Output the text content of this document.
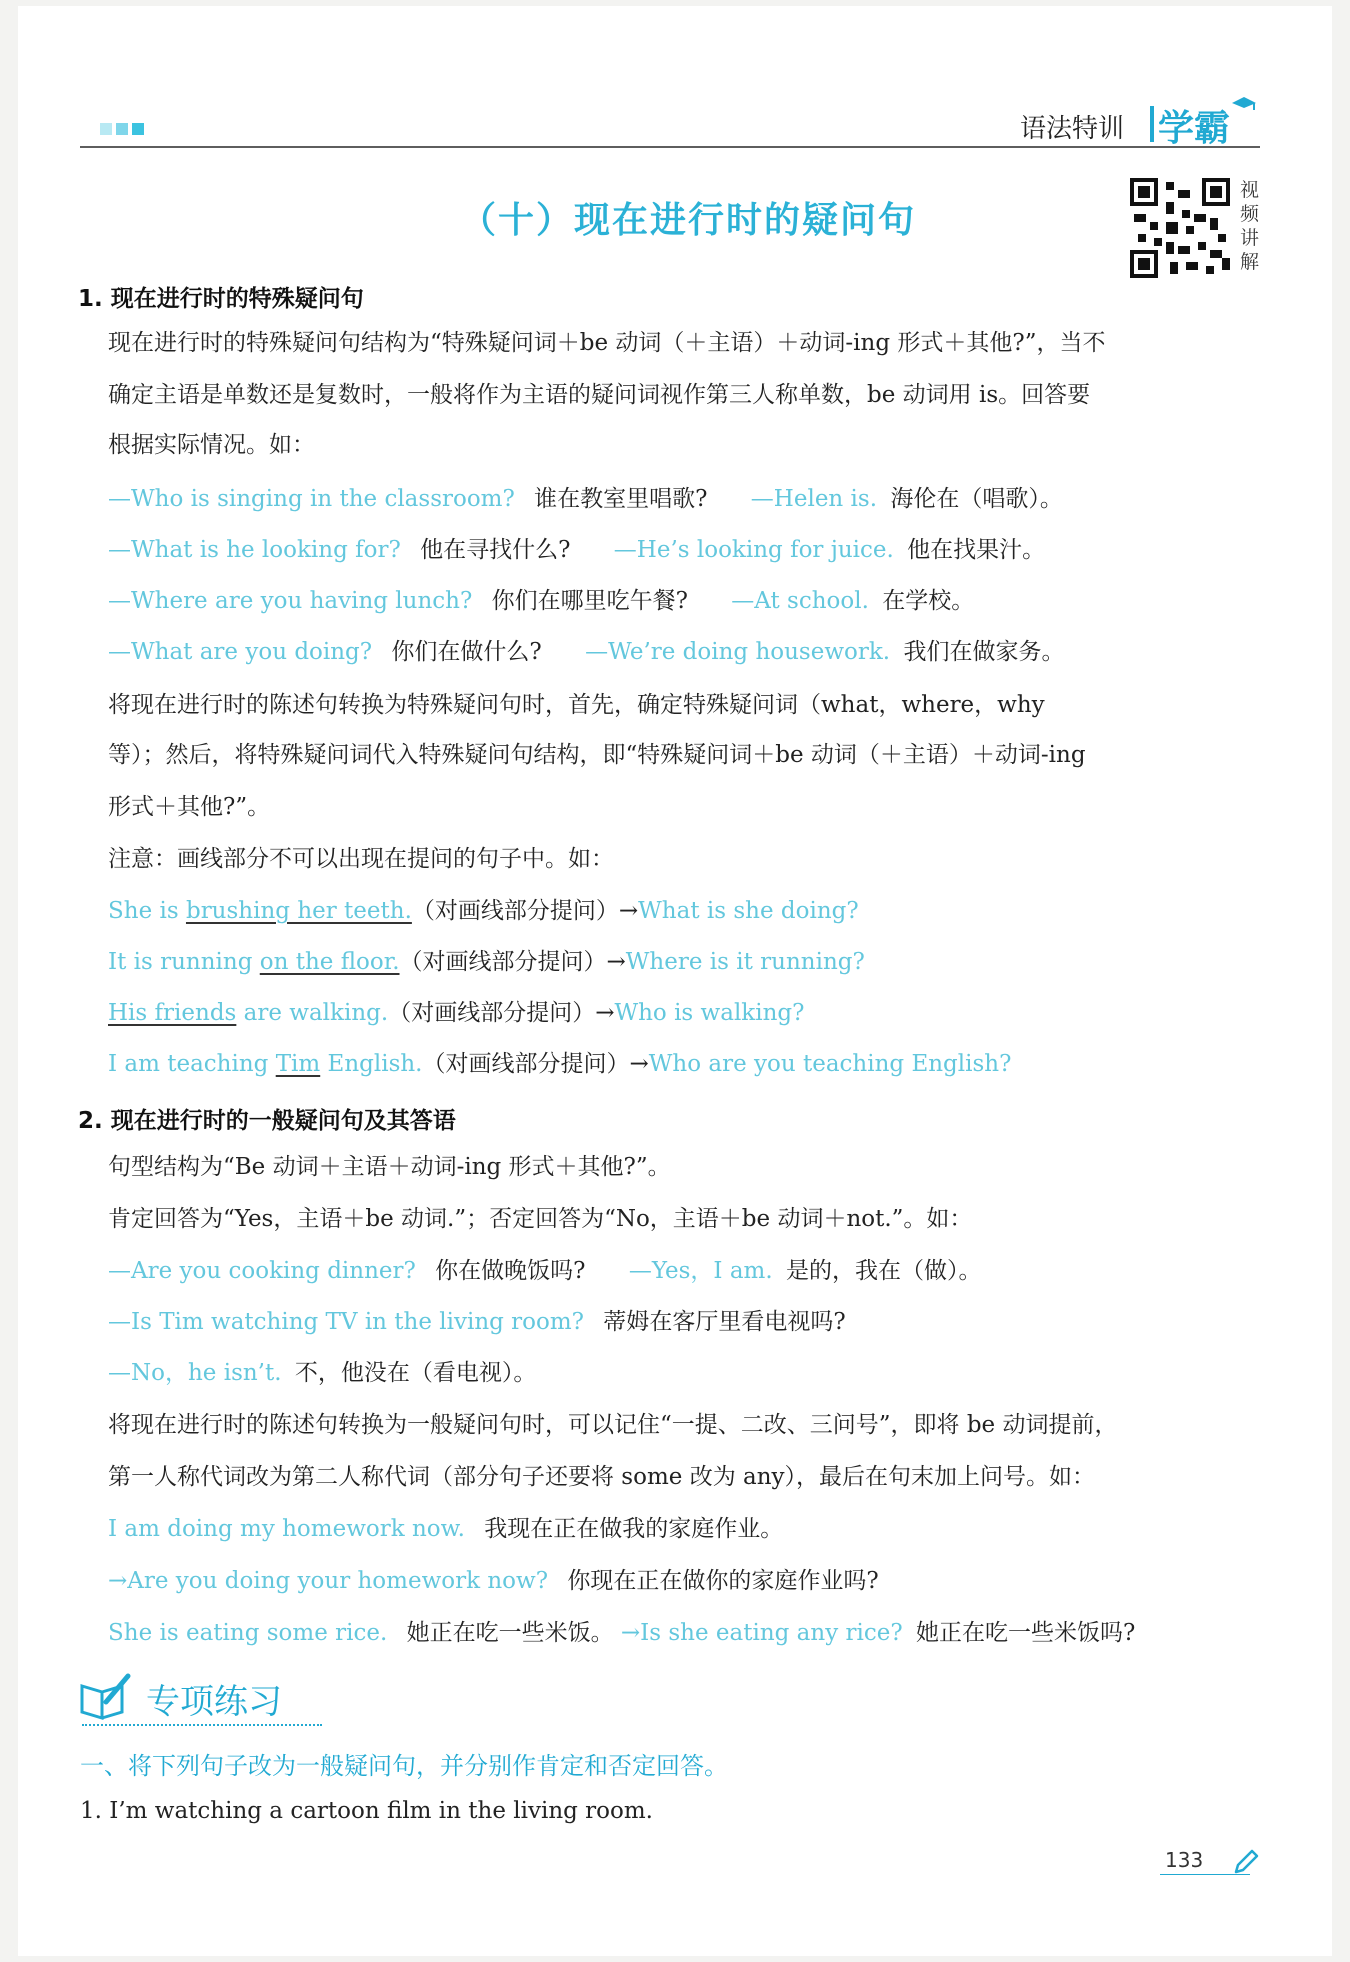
语法特训 学霸
（十）现在进行时的疑问句
视频讲解
1. 现在进行时的特殊疑问句
现在进行时的特殊疑问句结构为“特殊疑问词＋be 动词（＋主语）＋动词-ing 形式＋其他?”，当不
确定主语是单数还是复数时，一般将作为主语的疑问词视作第三人称单数，be 动词用 is。回答要
根据实际情况。如：
—Who is singing in the classroom? 谁在教室里唱歌? —Helen is. 海伦在（唱歌）。
—What is he looking for? 他在寻找什么? —He’s looking for juice. 他在找果汁。
—Where are you having lunch? 你们在哪里吃午餐? —At school. 在学校。
—What are you doing? 你们在做什么? —We’re doing housework. 我们在做家务。
将现在进行时的陈述句转换为特殊疑问句时，首先，确定特殊疑问词（what，where，why
等）；然后，将特殊疑问词代入特殊疑问句结构，即“特殊疑问词＋be 动词（＋主语）＋动词-ing
形式＋其他?”。
注意：画线部分不可以出现在提问的句子中。如：
She is brushing her teeth.（对画线部分提问）→What is she doing?
It is running on the floor.（对画线部分提问）→Where is it running?
His friends are walking.（对画线部分提问）→Who is walking?
I am teaching Tim English.（对画线部分提问）→Who are you teaching English?
2. 现在进行时的一般疑问句及其答语
句型结构为“Be 动词＋主语＋动词-ing 形式＋其他?”。
肯定回答为“Yes，主语＋be 动词.”；否定回答为“No，主语＋be 动词＋not.”。如：
—Are you cooking dinner? 你在做晚饭吗? —Yes，I am. 是的，我在（做）。
—Is Tim watching TV in the living room? 蒂姆在客厅里看电视吗?
—No，he isn’t. 不，他没在（看电视）。
将现在进行时的陈述句转换为一般疑问句时，可以记住“一提、二改、三问号”，即将 be 动词提前，
第一人称代词改为第二人称代词（部分句子还要将 some 改为 any），最后在句末加上问号。如：
I am doing my homework now. 我现在正在做我的家庭作业。
→Are you doing your homework now? 你现在正在做你的家庭作业吗?
She is eating some rice. 她正在吃一些米饭。 →Is she eating any rice? 她正在吃一些米饭吗?
专项练习
一、将下列句子改为一般疑问句，并分别作肯定和否定回答。
1. I’m watching a cartoon film in the living room.
133
